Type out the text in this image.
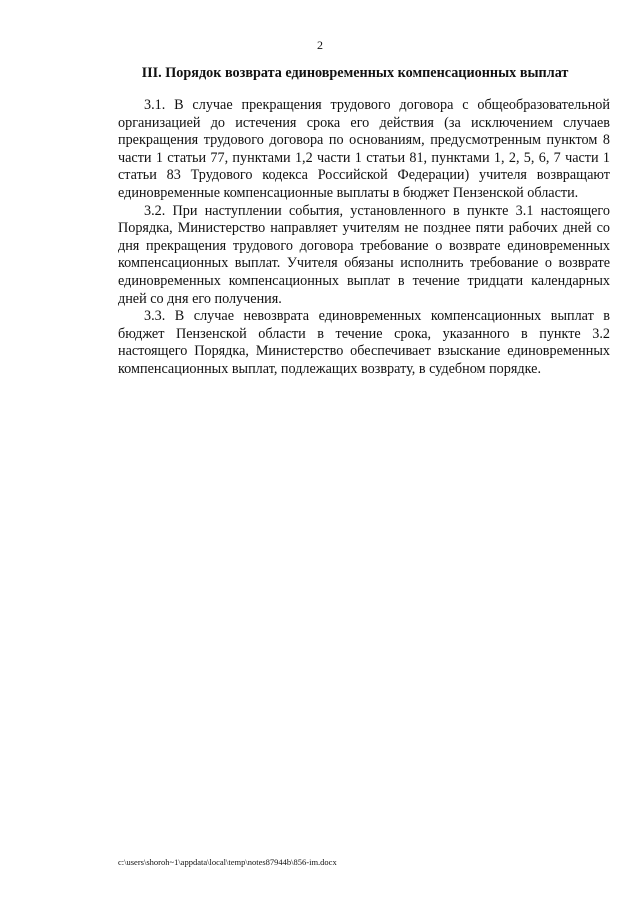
2
III. Порядок возврата единовременных компенсационных выплат

3.1. В случае прекращения трудового договора с общеобразовательной организацией до истечения срока его действия (за исключением случаев прекращения трудового договора по основаниям, предусмотренным пунктом 8 части 1 статьи 77, пунктами 1,2 части 1 статьи 81, пунктами 1, 2, 5, 6, 7 части 1 статьи 83 Трудового кодекса Российской Федерации) учителя возвращают единовременные компенсационные выплаты в бюджет Пензенской области.

3.2. При наступлении события, установленного в пункте 3.1 настоящего Порядка, Министерство направляет учителям не позднее пяти рабочих дней со дня прекращения трудового договора требование о возврате единовременных компенсационных выплат. Учителя обязаны исполнить требование о возврате единовременных компенсационных выплат в течение тридцати календарных дней со дня его получения.

3.3. В случае невозврата единовременных компенсационных выплат в бюджет Пензенской области в течение срока, указанного в пункте 3.2 настоящего Порядка, Министерство обеспечивает взыскание единовременных компенсационных выплат, подлежащих возврату, в судебном порядке.

c:\users\shoroh~1\appdata\local\temp\notes87944b\856-im.docx
